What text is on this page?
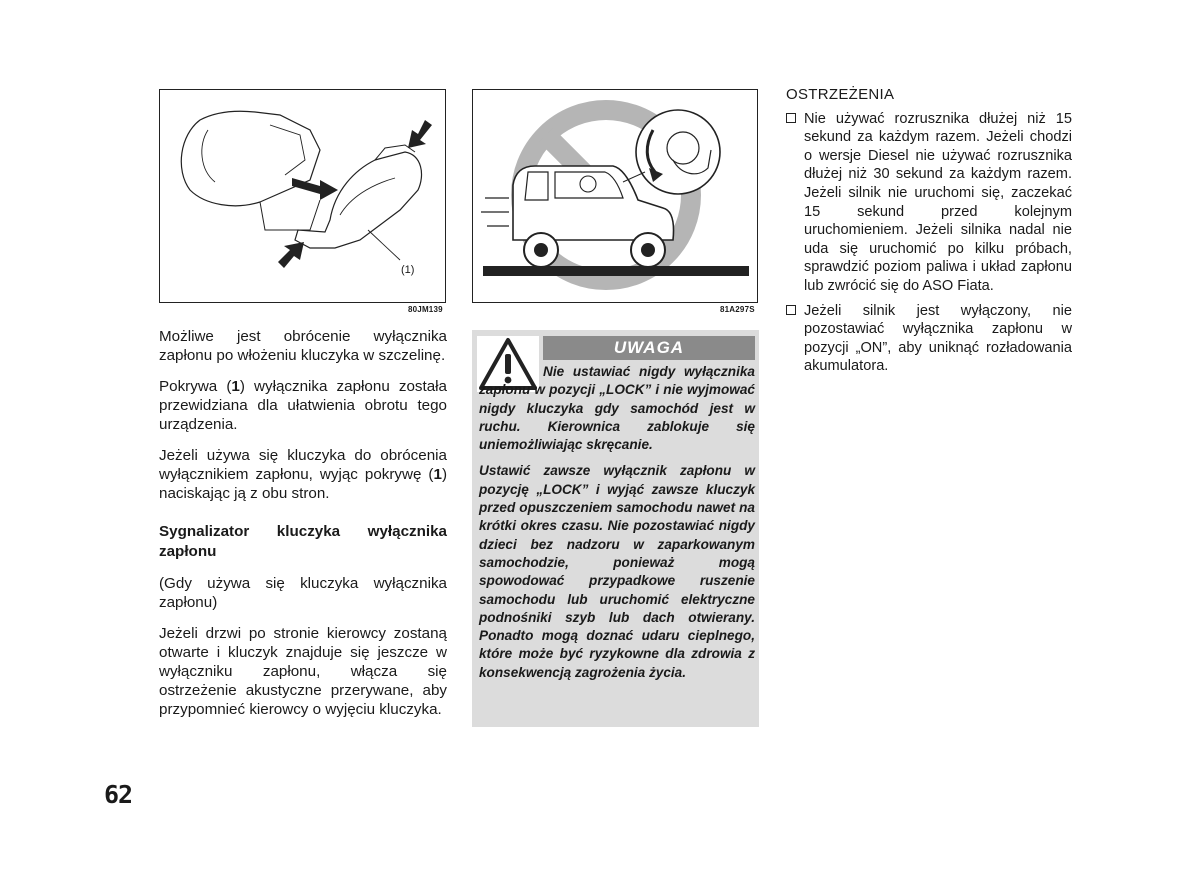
(1)
80JM139	81A297S

Możliwe jest obrócenie wyłącznika zapłonu po włożeniu kluczyka w szczelinę.

Pokrywa (1) wyłącznika zapłonu została przewidziana dla ułatwienia obrotu tego urządzenia.

Jeżeli używa się kluczyka do obrócenia wyłącznikiem zapłonu, wyjąc pokrywę (1) naciskając ją z obu stron.

Sygnalizator kluczyka wyłącznika zapłonu

(Gdy używa się kluczyka wyłącznika zapłonu)

Jeżeli drzwi po stronie kierowcy zostaną otwarte i kluczyk znajduje się jeszcze w wyłączniku zapłonu, włącza się ostrzeżenie akustyczne przerywane, aby przypomnieć kierowcy o wyjęciu kluczyka.

UWAGA

Nie ustawiać nigdy wyłącznika zapłonu w pozycji „LOCK” i nie wyjmować nigdy kluczyka gdy samochód jest w ruchu. Kierownica zablokuje się uniemożliwiając skręcanie.

Ustawić zawsze wyłącznik zapłonu w pozycję „LOCK” i wyjąć zawsze kluczyk przed opuszczeniem samochodu nawet na krótki okres czasu. Nie pozostawiać nigdy dzieci bez nadzoru w zaparkowanym samochodzie, ponieważ mogą spowodować przypadkowe ruszenie samochodu lub uruchomić elektryczne podnośniki szyb lub dach otwierany. Ponadto mogą doznać udaru cieplnego, które może być ryzykowne dla zdrowia z konsekwencją zagrożenia życia.

OSTRZEŻENIA
Nie używać rozrusznika dłużej niż 15 sekund za każdym razem. Jeżeli chodzi o wersje Diesel nie używać rozrusznika dłużej niż 30 sekund za każdym razem. Jeżeli silnik nie uruchomi się, zaczekać 15 sekund przed kolejnym uruchomieniem. Jeżeli silnika nadal nie uda się uruchomić po kilku próbach, sprawdzić poziom paliwa i układ zapłonu lub zwrócić się do ASO Fiata.
Jeżeli silnik jest wyłączony, nie pozostawiać wyłącznika zapłonu w pozycji „ON”, aby uniknąć rozładowania akumulatora.
62
